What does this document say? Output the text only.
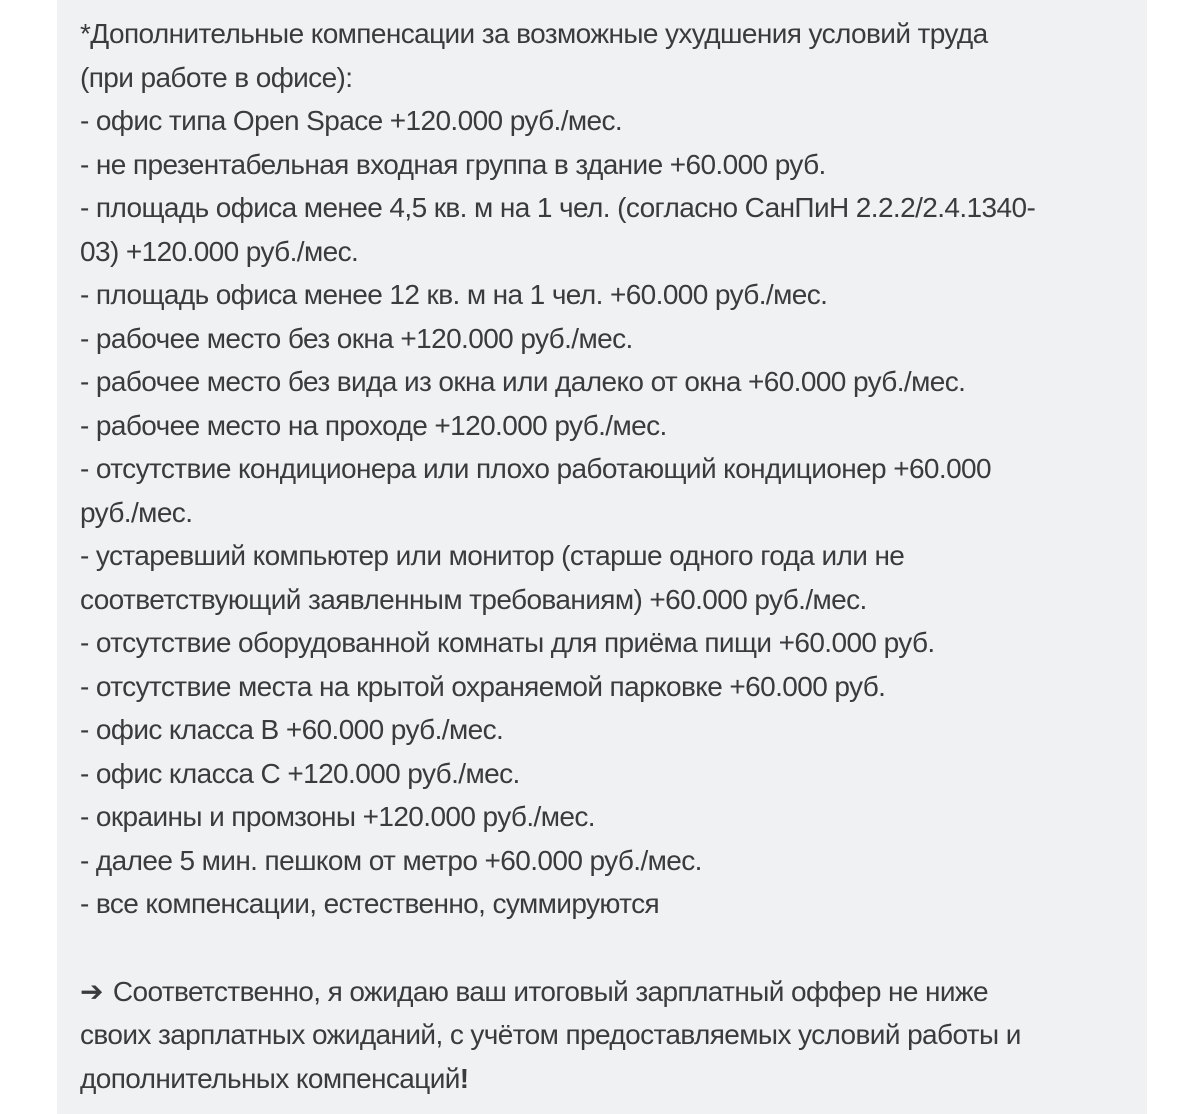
*Дополнительные компенсации за возможные ухудшения условий труда
(при работе в офисе):
- офис типа Open Space +120.000 руб./мес.
- не презентабельная входная группа в здание +60.000 руб.
- площадь офиса менее 4,5 кв. м на 1 чел. (согласно СанПиН 2.2.2/2.4.1340-
03) +120.000 руб./мес.
- площадь офиса менее 12 кв. м на 1 чел. +60.000 руб./мес.
- рабочее место без окна +120.000 руб./мес.
- рабочее место без вида из окна или далеко от окна +60.000 руб./мес.
- рабочее место на проходе +120.000 руб./мес.
- отсутствие кондиционера или плохо работающий кондиционер +60.000
руб./мес.
- устаревший компьютер или монитор (старше одного года или не
соответствующий заявленным требованиям) +60.000 руб./мес.
- отсутствие оборудованной комнаты для приёма пищи +60.000 руб.
- отсутствие места на крытой охраняемой парковке +60.000 руб.
- офис класса B +60.000 руб./мес.
- офис класса C +120.000 руб./мес.
- окраины и промзоны +120.000 руб./мес.
- далее 5 мин. пешком от метро +60.000 руб./мес.
- все компенсации, естественно, суммируются
➔ Соответственно, я ожидаю ваш итоговый зарплатный оффер не ниже
своих зарплатных ожиданий, с учётом предоставляемых условий работы и
дополнительных компенсаций!
